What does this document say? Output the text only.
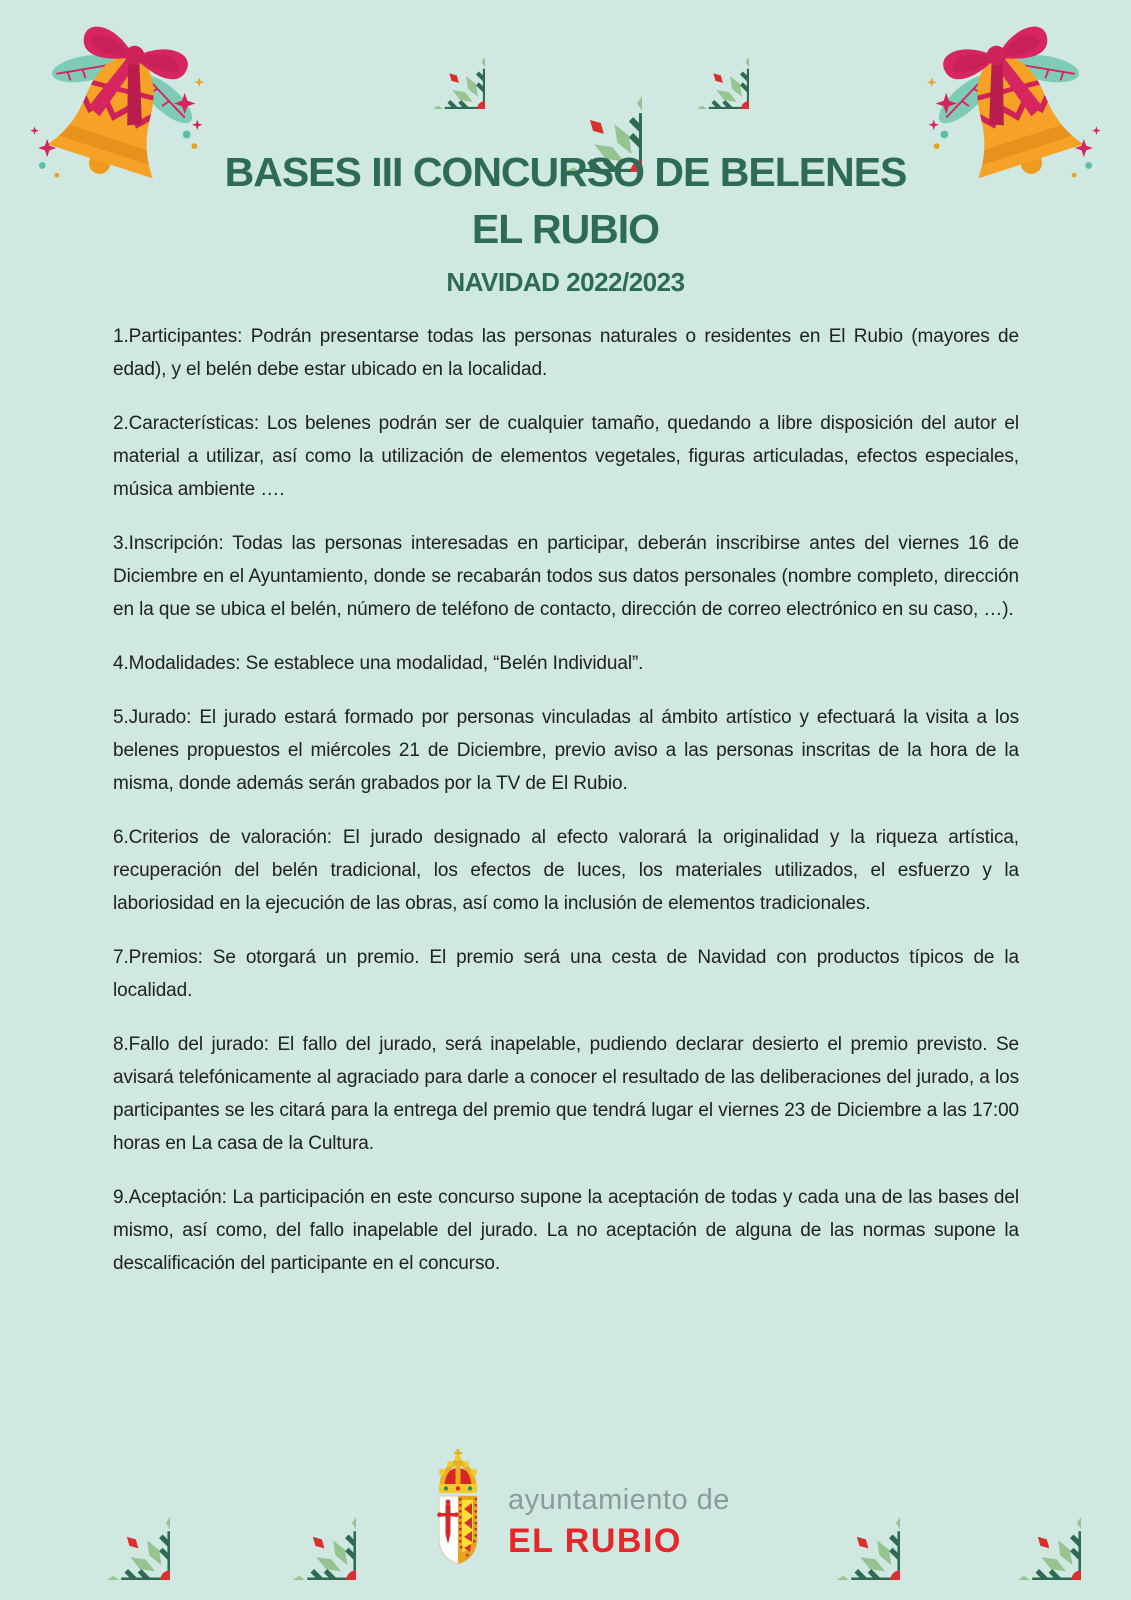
BASES III CONCURSO DE BELENES
EL RUBIO
NAVIDAD 2022/2023

1.Participantes: Podrán presentarse todas las personas naturales o residentes en El Rubio (mayores de edad), y el belén debe estar ubicado en la localidad.

2.Características: Los belenes podrán ser de cualquier tamaño, quedando a libre disposición del autor el material a utilizar, así como la utilización de elementos vegetales, figuras articuladas, efectos especiales, música ambiente ….

3.Inscripción: Todas las personas interesadas en participar, deberán inscribirse antes del viernes 16 de Diciembre en el Ayuntamiento, donde se recabarán todos sus datos personales (nombre completo, dirección en la que se ubica el belén, número de teléfono de contacto, dirección de correo electrónico en su caso, …).

4.Modalidades: Se establece una modalidad, “Belén Individual”.

5.Jurado: El jurado estará formado por personas vinculadas al ámbito artístico y efectuará la visita a los belenes propuestos el miércoles 21 de Diciembre, previo aviso a las personas inscritas de la hora de la misma, donde además serán grabados por la TV de El Rubio.

6.Criterios de valoración: El jurado designado al efecto valorará la originalidad y la riqueza artística, recuperación del belén tradicional, los efectos de luces, los materiales utilizados, el esfuerzo y la laboriosidad en la ejecución de las obras, así como la inclusión de elementos tradicionales.

7.Premios: Se otorgará un premio. El premio será una cesta de Navidad con productos típicos de la localidad.

8.Fallo del jurado: El fallo del jurado, será inapelable, pudiendo declarar desierto el premio previsto. Se avisará telefónicamente al agraciado para darle a conocer el resultado de las deliberaciones del jurado, a los participantes se les citará para la entrega del premio que tendrá lugar el viernes 23 de Diciembre a las 17:00 horas en La casa de la Cultura.

9.Aceptación: La participación en este concurso supone la aceptación de todas y cada una de las bases del mismo, así como, del fallo inapelable del jurado. La no aceptación de alguna de las normas supone la descalificación del participante en el concurso.

ayuntamiento de
EL RUBIO
